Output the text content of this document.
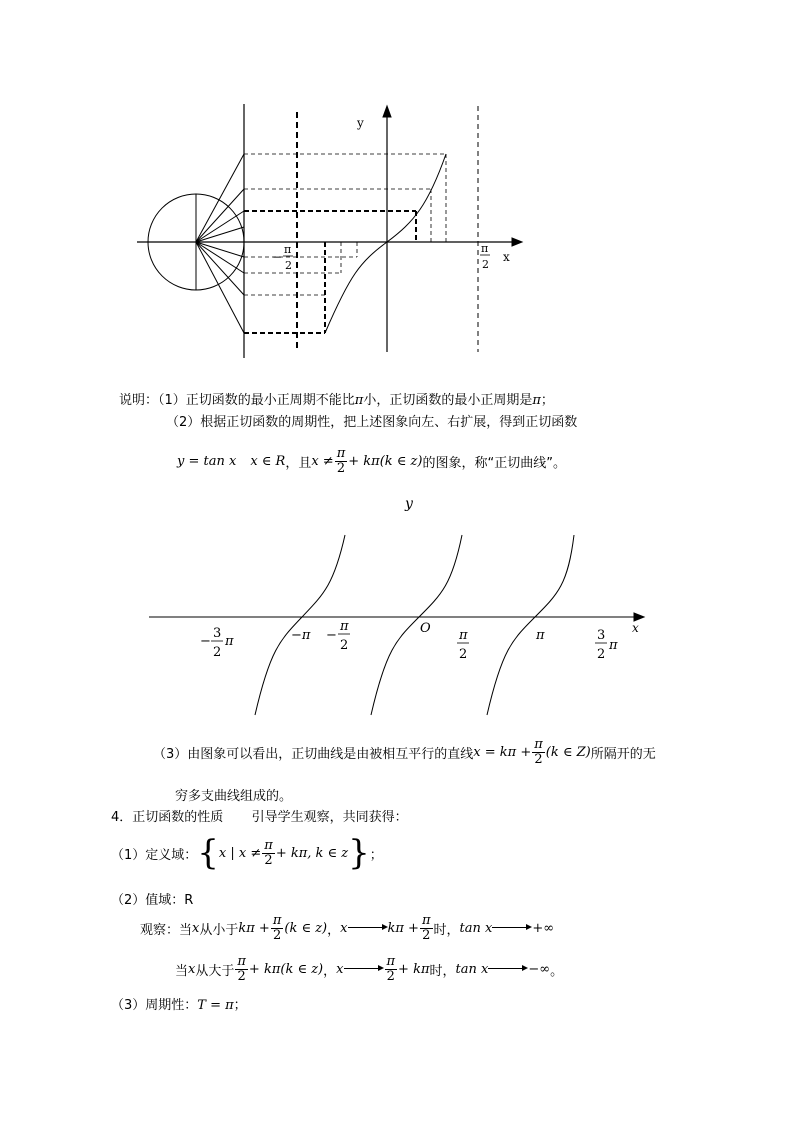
y
x
−
π
2
π
2
说明：（1）正切函数的最小正周期不能比π小，正切函数的最小正周期是π；
（2）根据正切函数的周期性，把上述图象向左、右扩展，得到正切函数
y = tan x x ∈ R ，且 $x \ne \frac{\pi}{2} + k\pi$ (k ∈ z) 的图象，称“正切曲线”。
y
x
O
−
3
2
π	−π −
π
2
π
2
π	3
2
π
（3）由图象可以看出，正切曲线是由被相互平行的直线 $x = k\pi + \frac{\pi}{2} (k$ ∈ Z) 所隔开的无
穷多支曲线组成的。
4．正切函数的性质 引导学生观察，共同获得：
（1）定义域： { x | $x \ne \frac{\pi}{2} + k\pi$, k ∈ z } ；
（2）值域：R
观察：当 x 从小于 $k\pi + \frac{\pi}{2} (k$ ∈ z) ， x	$k\pi + \frac{\pi}{2}$ 时， tan x	+∞
当 x 从大于 $\frac{\pi}{2} + k\pi$ (k ∈ z) ， x	$\frac{\pi}{2} + k\pi$ 时， tan x	−∞ 。
（3）周期性：T = π；
